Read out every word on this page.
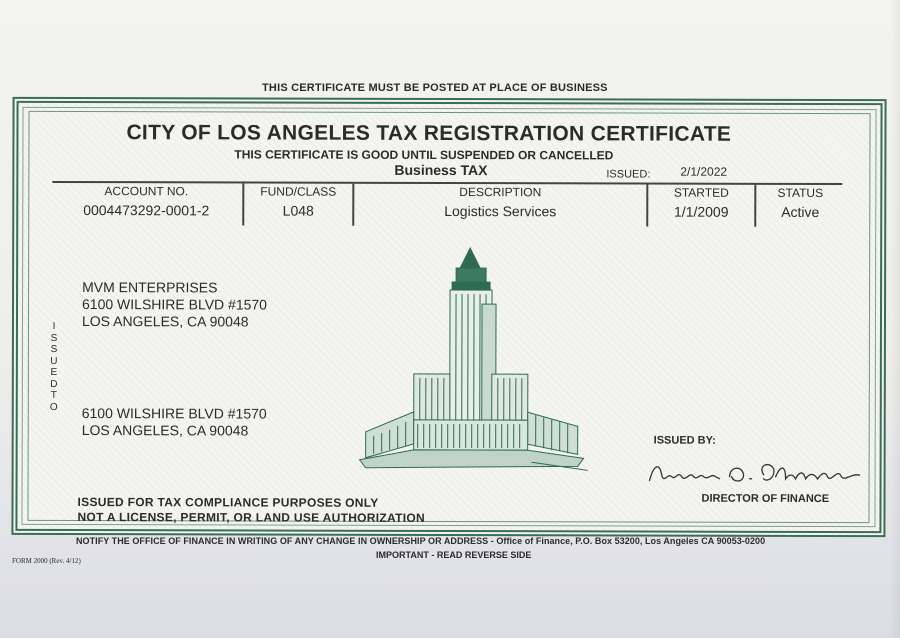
THIS CERTIFICATE MUST BE POSTED AT PLACE OF BUSINESS
CITY OF LOS ANGELES TAX REGISTRATION CERTIFICATE
THIS CERTIFICATE IS GOOD UNTIL SUSPENDED OR CANCELLED
Business TAX	ISSUED: 2/1/2022
ACCOUNT NO.
0004473292-0001-2
FUND/CLASS
L048
DESCRIPTION
Logistics Services
STARTED
1/1/2009
STATUS
Active
I
S
S
U
E
D
T
O
MVM ENTERPRISES
6100 WILSHIRE BLVD #1570
LOS ANGELES, CA 90048
6100 WILSHIRE BLVD #1570
LOS ANGELES, CA 90048
ISSUED BY:
DIRECTOR OF FINANCE
ISSUED FOR TAX COMPLIANCE PURPOSES ONLY
NOT A LICENSE, PERMIT, OR LAND USE AUTHORIZATION
NOTIFY THE OFFICE OF FINANCE IN WRITING OF ANY CHANGE IN OWNERSHIP OR ADDRESS - Office of Finance, P.O. Box 53200, Los Angeles CA 90053-0200
IMPORTANT - READ REVERSE SIDE
FORM 2000 (Rev. 4/12)
